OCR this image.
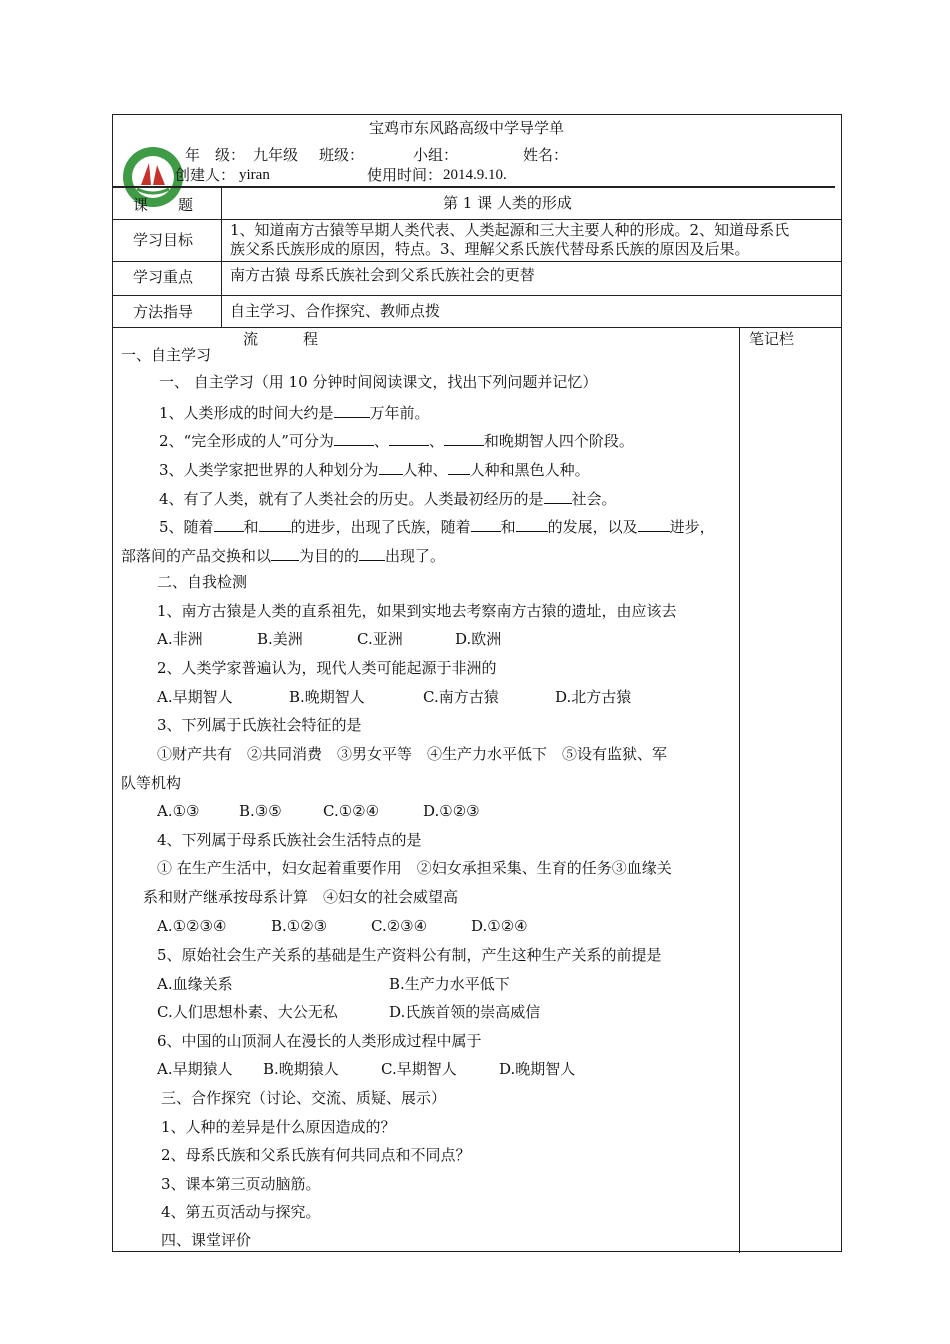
宝鸡市东风路高级中学导学单
年　级： 九年级 班级：	小组：	姓名：
创建人： yiran	使用时间： 2014.9.10.
课　　题	第 1 课 人类的形成
学习目标
1、知道南方古猿等早期人类代表、人类起源和三大主要人种的形成。2、知道母系氏
族父系氏族形成的原因，特点。3、理解父系氏族代替母系氏族的原因及后果。
学习重点 南方古猿 母系氏族社会到父系氏族社会的更替
方法指导 自主学习、合作探究、教师点拨
流　　　程	笔记栏
一、自主学习
一、 自主学习（用 10 分钟时间阅读课文，找出下列问题并记忆）
1、人类形成的时间大约是 万年前。
2、“完全形成的人”可分为	、	、	和晚期智人四个阶段。
3、人类学家把世界的人种划分为 人种、 人种和黑色人种。
4、有了人类，就有了人类社会的历史。人类最初经历的是 社会。
5、随着 和 的进步，出现了氏族，随着 和 的发展，以及 进步，
部落间的产品交换和以 为目的的 出现了。
二、自我检测
1、南方古猿是人类的直系祖先，如果到实地去考察南方古猿的遗址，由应该去
A.非洲	B.美洲	C.亚洲	D.欧洲
2、人类学家普遍认为，现代人类可能起源于非洲的
A.早期智人	B.晚期智人	C.南方古猿	D.北方古猿
3、下列属于氏族社会特征的是
①财产共有　②共同消费　③男女平等　④生产力水平低下　⑤设有监狱、军
队等机构
A.①③	B.③⑤	C.①②④	D.①②③
4、下列属于母系氏族社会生活特点的是
① 在生产生活中，妇女起着重要作用　②妇女承担采集、生育的任务③血缘关
系和财产继承按母系计算　④妇女的社会威望高
A.①②③④	B.①②③	C.②③④	D.①②④
5、原始社会生产关系的基础是生产资料公有制，产生这种生产关系的前提是
A.血缘关系	B.生产力水平低下
C.人们思想朴素、大公无私	D.氏族首领的崇高威信
6、中国的山顶洞人在漫长的人类形成过程中属于
A.早期猿人 B.晚期猿人	C.早期智人	D.晚期智人
三、合作探究（讨论、交流、质疑、展示）
1、人种的差异是什么原因造成的？
2、母系氏族和父系氏族有何共同点和不同点？
3、课本第三页动脑筋。
4、第五页活动与探究。
四、课堂评价
